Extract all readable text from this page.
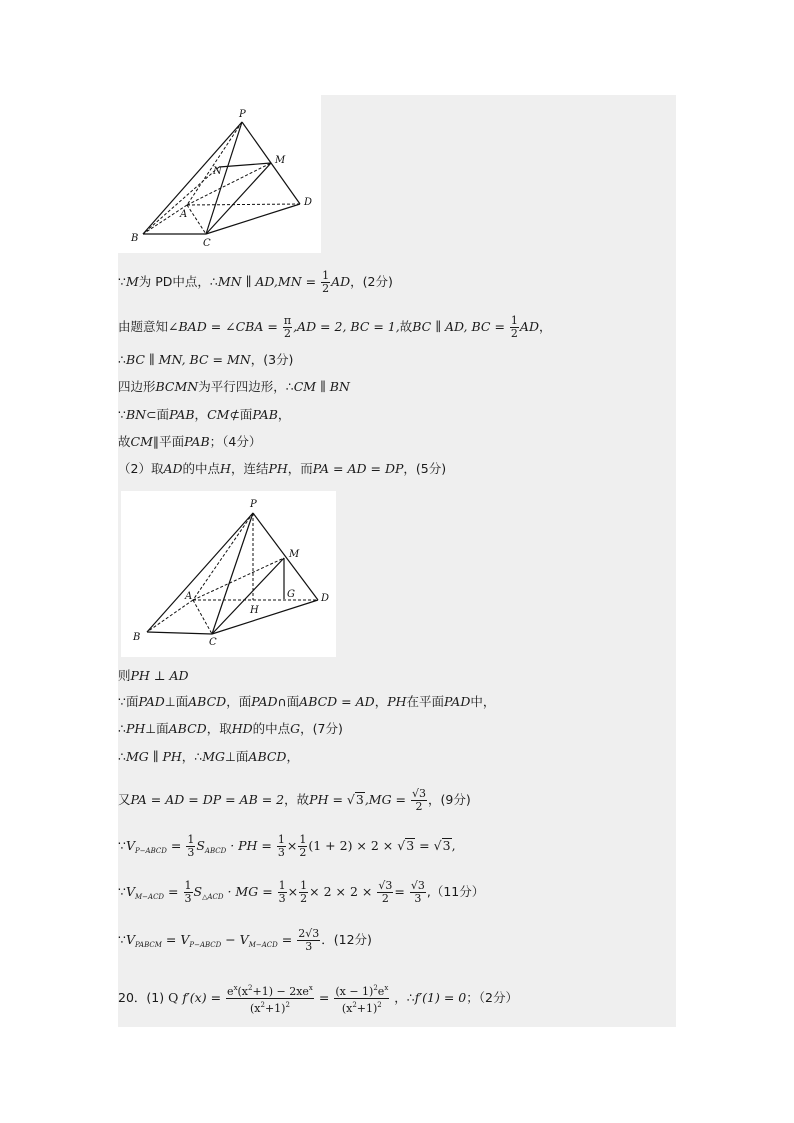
P
M
N
A
B	C
D
∵M为 PD中点，∴MN ∥ $AD,MN = \frac{1}{2}$ AD，(2分)
由题意知∠BAD = ∠CBA = $\frac{\pi}{2} ,AD = 2$, BC = 1,故BC ∥ AD, BC = $\frac{1}{2}$ AD，
∴BC ∥ MN, BC = MN，(3分)
四边形BCMN为平行四边形，∴CM ∥ BN
∵BN⊂面PAB，CM⊄面PAB，
故CM∥平面PAB；（4分）
（2）取AD的中点H，连结PH，而PA = AD = DP，(5分)
P
M
A	G
H
B	C
D
则PH ⊥ AD
∵面PAD⊥面ABCD，面PAD∩面ABCD = AD，PH在平面PAD中，
∴PH⊥面ABCD，取HD的中点G，(7分)
∴MG ∥ PH，∴MG⊥面ABCD，
又PA = AD = DP = AB = 2，故PH = $√3,MG = \frac{√3}{2}$ ，(9分)
$\because V_{P-ABCD} = \frac{1}{3} S_{ABCD}$ · PH = $\frac{1}{3} \times \frac{1}{2} (1 + 2) \times 2 \times √3 = √3$,
$\because V_{M-ACD} = \frac{1}{3} S_{\triangle ACD}$ · MG = $\frac{1}{3} \times \frac{1}{2} \times 2 \times 2 \times \frac{√3}{2} = \frac{√3}{3} ,(11$分）
$\because V_{PABCM} = V_{P-ABCD} - V_{M-ACD} = \frac{2√3}{3}$ ．(12分)
20．(1) Q $f'(x) = \frac{e^x(x^2+1) - 2xe^x}{(x^2+1)^2} = \frac{(x - 1)^2e^x}{(x^2+1)^2}$ ，∴f′(1) = 0；（2分）
